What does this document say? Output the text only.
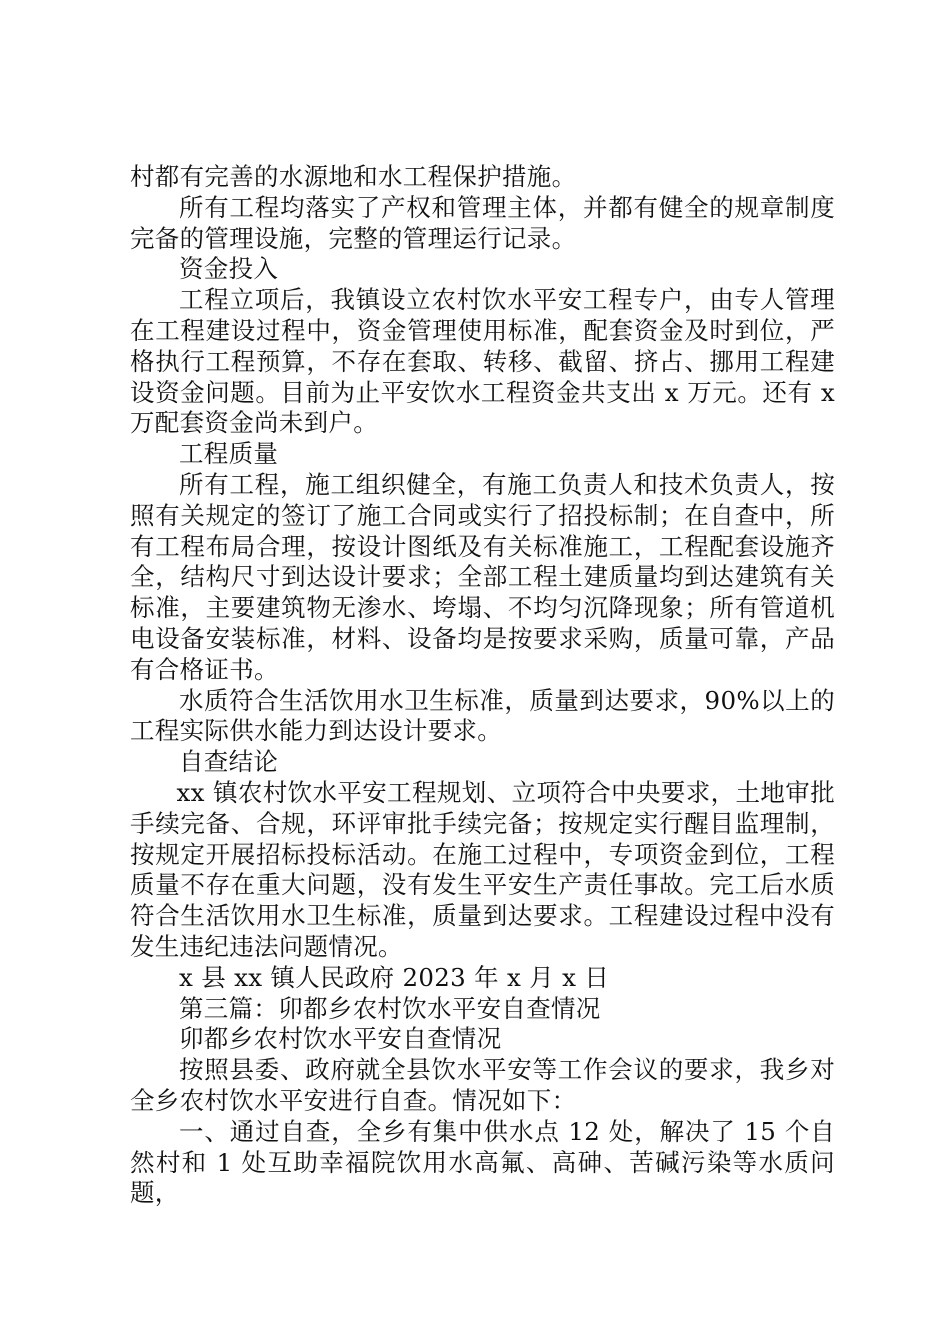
村都有完善的水源地和水工程保护措施。

所有工程均落实了产权和管理主体，并都有健全的规章制度完备的管理设施，完整的管理运行记录。

资金投入

工程立项后，我镇设立农村饮水平安工程专户，由专人管理在工程建设过程中，资金管理使用标准，配套资金及时到位，严格执行工程预算，不存在套取、转移、截留、挤占、挪用工程建设资金问题。目前为止平安饮水工程资金共支出 x 万元。还有 x 万配套资金尚未到户。

工程质量

所有工程，施工组织健全，有施工负责人和技术负责人，按照有关规定的签订了施工合同或实行了招投标制；在自查中，所有工程布局合理，按设计图纸及有关标准施工，工程配套设施齐全，结构尺寸到达设计要求；全部工程土建质量均到达建筑有关标准，主要建筑物无渗水、垮塌、不均匀沉降现象；所有管道机电设备安装标准，材料、设备均是按要求采购，质量可靠，产品有合格证书。

水质符合生活饮用水卫生标准，质量到达要求，90%以上的工程实际供水能力到达设计要求。

自查结论

xx 镇农村饮水平安工程规划、立项符合中央要求，土地审批手续完备、合规，环评审批手续完备；按规定实行醒目监理制，按规定开展招标投标活动。在施工过程中，专项资金到位，工程质量不存在重大问题，没有发生平安生产责任事故。完工后水质符合生活饮用水卫生标准，质量到达要求。工程建设过程中没有发生违纪违法问题情况。

x 县 xx 镇人民政府 2023 年 x 月 x 日

第三篇：卯都乡农村饮水平安自查情况

卯都乡农村饮水平安自查情况

按照县委、政府就全县饮水平安等工作会议的要求，我乡对全乡农村饮水平安进行自查。情况如下：

一、通过自查，全乡有集中供水点 12 处，解决了 15 个自然村和 1 处互助幸福院饮用水高氟、高砷、苦碱污染等水质问题，
